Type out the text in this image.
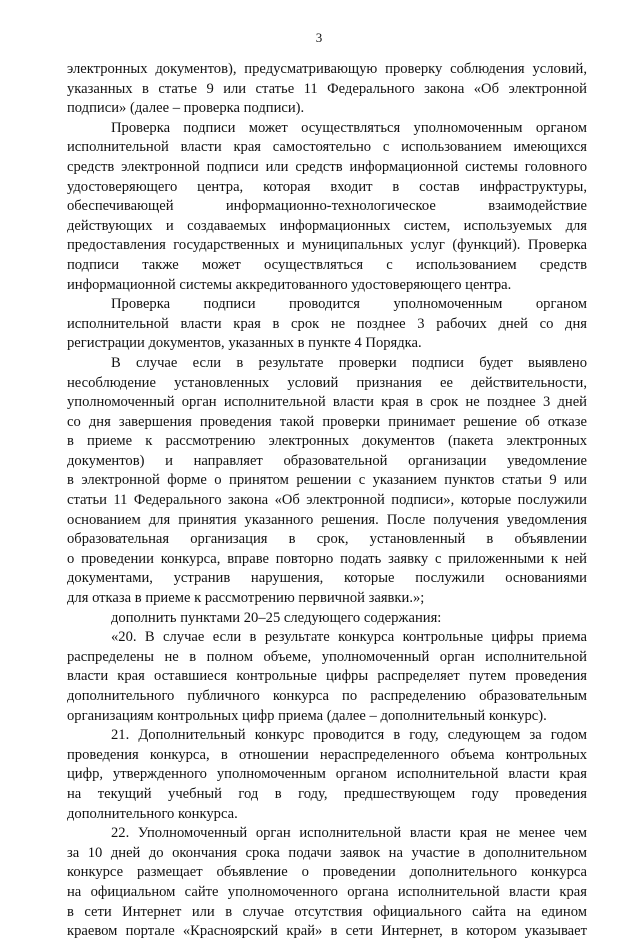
3
электронных документов), предусматривающую проверку соблюдения условий,
указанных в статье 9 или статье 11 Федерального закона «Об электронной
подписи» (далее – проверка подписи).
Проверка подписи может осуществляться уполномоченным органом
исполнительной власти края самостоятельно с использованием имеющихся
средств электронной подписи или средств информационной системы головного
удостоверяющего центра, которая входит в состав инфраструктуры,
обеспечивающей информационно-технологическое взаимодействие
действующих и создаваемых информационных систем, используемых для
предоставления государственных и муниципальных услуг (функций). Проверка
подписи также может осуществляться с использованием средств
информационной системы аккредитованного удостоверяющего центра.
Проверка подписи проводится уполномоченным органом
исполнительной власти края в срок не позднее 3 рабочих дней со дня
регистрации документов, указанных в пункте 4 Порядка.
В случае если в результате проверки подписи будет выявлено
несоблюдение установленных условий признания ее действительности,
уполномоченный орган исполнительной власти края в срок не позднее 3 дней
со дня завершения проведения такой проверки принимает решение об отказе
в приеме к рассмотрению электронных документов (пакета электронных
документов) и направляет образовательной организации уведомление
в электронной форме о принятом решении с указанием пунктов статьи 9 или
статьи 11 Федерального закона «Об электронной подписи», которые послужили
основанием для принятия указанного решения. После получения уведомления
образовательная организация в срок, установленный в объявлении
о проведении конкурса, вправе повторно подать заявку с приложенными к ней
документами, устранив нарушения, которые послужили основаниями
для отказа в приеме к рассмотрению первичной заявки.»;
дополнить пунктами 20–25 следующего содержания:
«20. В случае если в результате конкурса контрольные цифры приема
распределены не в полном объеме, уполномоченный орган исполнительной
власти края оставшиеся контрольные цифры распределяет путем проведения
дополнительного публичного конкурса по распределению образовательным
организациям контрольных цифр приема (далее – дополнительный конкурс).
21. Дополнительный конкурс проводится в году, следующем за годом
проведения конкурса, в отношении нераспределенного объема контрольных
цифр, утвержденного уполномоченным органом исполнительной власти края
на текущий учебный год в году, предшествующем году проведения
дополнительного конкурса.
22. Уполномоченный орган исполнительной власти края не менее чем
за 10 дней до окончания срока подачи заявок на участие в дополнительном
конкурсе размещает объявление о проведении дополнительного конкурса
на официальном сайте уполномоченного органа исполнительной власти края
в сети Интернет или в случае отсутствия официального сайта на едином
краевом портале «Красноярский край» в сети Интернет, в котором указывает
